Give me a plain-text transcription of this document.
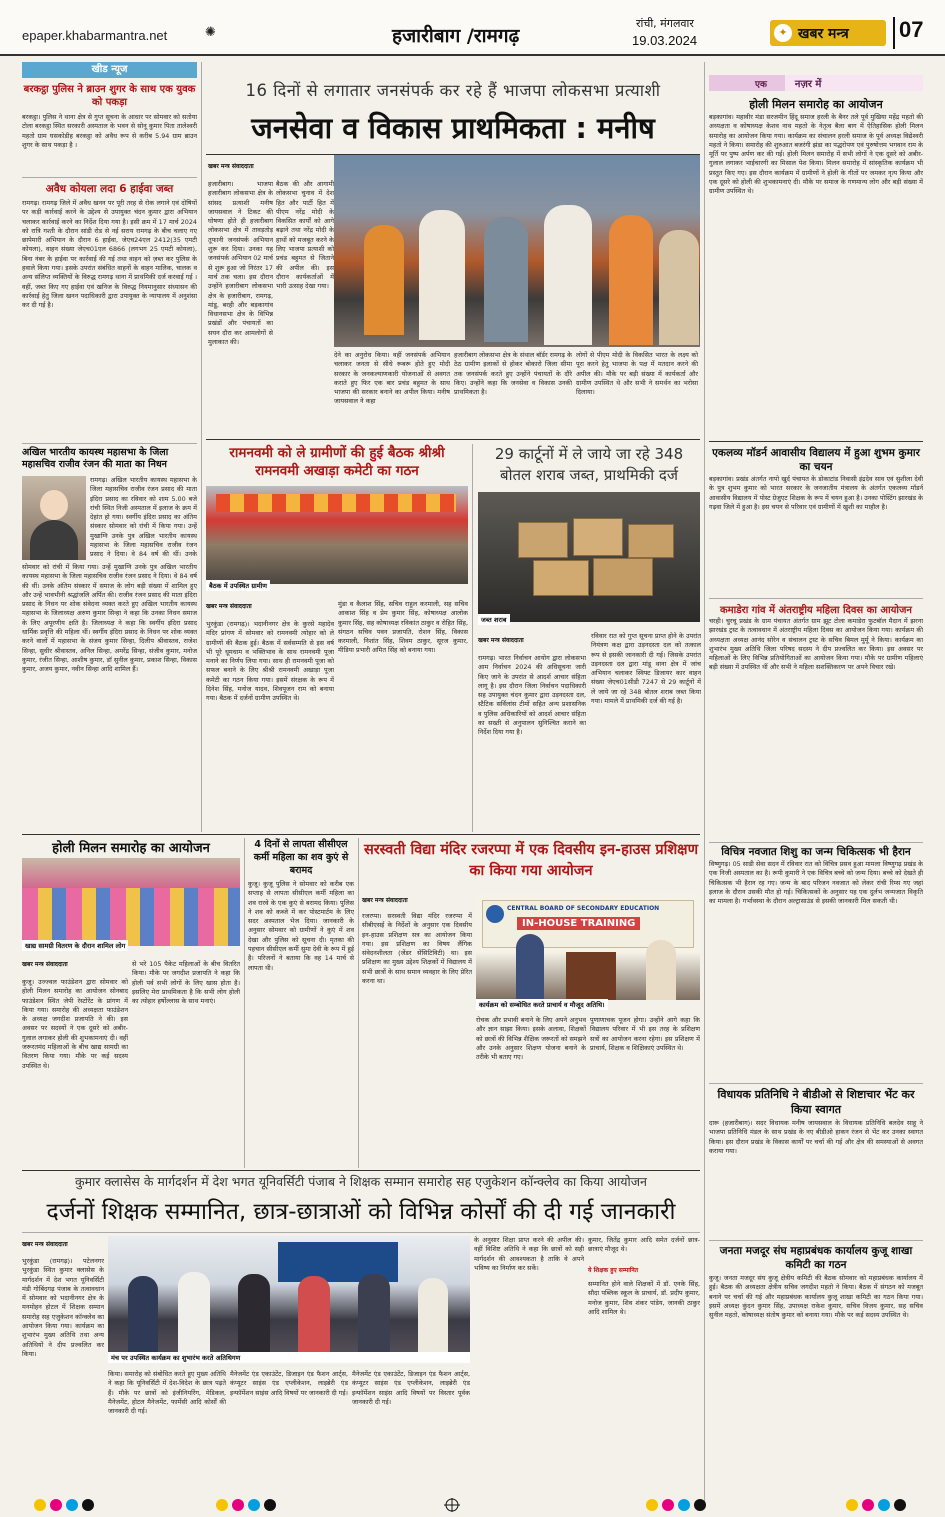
epaper.khabarmantra.net	✺	हजारीबाग /रामगढ़
रांची, मंगलवार
19.03.2024
✦ खबर मन्त्र 07
खीड न्यूज
बरकट्ठा पुलिस ने ब्राउन शुगर के साथ एक युवक को पकड़ा
बरकट्ठा। पुलिस ने थाना क्षेत्र से गुप्त सूचना के आधार पर सोमवार को सतोया टोला बरकट्ठा स्थित सरकारी अस्पताल के भवन से सोनू कुमार पिता तालेश्वरी महतो ग्राम घसकोडीह बरकट्ठा को अवैध रूप से करीब 5.94 ग्राम ब्राउन शुगर के साथ पकड़ा है ।
अवैध कोयला लदा 6 हाईवा जब्त
रामगढ़। रामगढ़ जिले में अवैध खनन पर पूरी तरह से रोक लगाने एवं दोषियों पर कड़ी कार्रवाई करने के उद्देश्य से उपायुक्त चंदन कुमार द्वारा अभियान चलाकर कार्रवाई करने का निर्देश दिया गया है। इसी क्रम में 17 मार्च 2024 को रात्रि गश्ती के दौरान सांडी रोड से नई सराय रामगढ़ के बीच चलाए गए छापेमारी अभियान के दौरान 6 हाईवा, जेएच24एल 2412(35 एमटी कोयला), वाहन संख्या जेएच01एल 6866 (लगभग 25 एमटी कोयला), बिना नंबर के हाईवा पर कार्रवाई की गई तथा वाहन को ज़ब्त कर पुलिस के हवाले किया गया। इसके उपरांत संबंधित वाहनों के वाहन मालिक, चालक व अन्य संलिप्त व्यक्तियों के विरुद्ध रामगढ़ थाना में प्राथमिकी दर्ज करवाई गई । वहीं, जब्त किए गए हाईवा एवं खनिज के विरुद्ध नियमानुसार संध्यासन की कार्रवाई हेतु जिला खनन पदाधिकारी द्वारा उपायुक्त के न्यायालय में अनुशंसा कर दी गई है।
अखिल भारतीय कायस्थ महासभा के जिला महासचिव राजीव रंजन की माता का निधन
रामगढ़। अखिल भारतीय कायस्थ महासभा के जिला महासचिव राजीव रंजन प्रसाद की माता इंदिरा प्रसाद का रविवार को शाम 5.00 बजे रांची स्थित निजी अस्पताल में इलाज के क्रम में देहांत हो गया। स्वर्गीय इंदिरा प्रसाद का अंतिम संस्कार सोमवार को रांची में किया गया। उन्हें मुखाग्नि उनके पुत्र अखिल भारतीय कायस्थ महासभा के जिला महासचिव राजीव रंजन प्रसाद ने दिया। वे 84 वर्ष की थीं। उनके
सोमवार को रांची में किया गया। उन्हें मुखाग्नि उनके पुत्र अखिल भारतीय कायस्थ महासभा के जिला महासचिव राजीव रंजन प्रसाद ने दिया। वे 84 वर्ष की थीं। उनके अंतिम संस्कार में समाज के लोग बड़ी संख्या में शामिल हुए और उन्हें भावभीनी श्रद्धांजलि अर्पित की। राजीव रंजन प्रसाद की माता इंदिरा प्रसाद के निधन पर शोक संवेदना व्यक्त करते हुए अखिल भारतीय कायस्थ महासभा के जिलाध्यक्ष अरुण कुमार सिन्हा ने कहा कि उनका निधन समाज के लिए अपूरणीय क्षति है। जिलाध्यक्ष ने कहा कि स्वर्गीय इंदिरा प्रसाद धार्मिक प्रवृत्ति की महिला थीं। स्वर्गीय इंदिरा प्रसाद के निधन पर शोक व्यक्त करने वालों में महासभा के संजय कुमार सिन्हा, दिलीप श्रीवास्तव, राजेश सिन्हा, सुधीर श्रीवास्तव, अनिल सिन्हा, अमरेंद्र सिन्हा, संजीव कुमार, मनोज कुमार, रंजीत सिन्हा, आशीष कुमार, डॉ सुनील कुमार, प्रकाश सिन्हा, विकास कुमार, अजय कुमार, नवीन सिन्हा आदि शामिल हैं।
16 दिनों से लगातार जनसंपर्क कर रहे हैं भाजपा लोकसभा प्रत्याशी
जनसेवा व विकास प्राथमिकता : मनीष
खबर मन्त्र संवाददाता
हजारीबाग। भाजपा हजारीबाग लोकसभा क्षेत्र के सांसद प्रत्याशी मनीष जायसवाल ने टिकट की घोषणा होते ही हजारीबाग लोकसभा क्षेत्र में तावड़तोड़ तूफानी जनसंपर्क अभियान शुरू कर दिया। उनका यह जनसंपर्क अभियान 02 मार्च से शुरू हुआ जो निरंतर 17 मार्च तक चला। इस दौरान उन्होंने हजारीबाग लोकसभा क्षेत्र के हजारीबाग, रामगढ़, मांडू, बरही और बड़कागांव विधानसभा क्षेत्र के विभिन्न प्रखंडों और पंचायतों का सघन दौरा कर आमलोगों से मुलाकात की।
बैठक की और आगामी लोकसभा चुनाव में देश हित और पार्टी हित में पीएम नरेंद्र मोदी के विकसित कार्यों को आगे बढ़ाने तथा नरेंद्र मोदी के हाथों को मजबूत करने के लिए भाजपा प्रत्याशी को प्रचंड बहुमत से जिताने की अपील की। इस दौरान कार्यकर्ताओं में भारी उत्साह देखा गया।
देने का अनुरोध किया। वहीं जनसंपर्क अभियान चलाकर जनता से सीधे रूबरू होते हुए मोदी सरकार के जनकल्याणकारी योजनाओं से अवगत कराते हुए फिर एक बार प्रचंड बहुमत के साथ भाजपा की सरकार बनाने का अपील किया। मनीष जायसवाल ने कहा
हजारीबाग लोकसभा क्षेत्र के संथाल बॉर्डर रामगढ़ के ठेठ ग्रामीण इलाकों से होकर बोकारो जिला सीमा तक जनसंपर्क करते हुए उन्होंने पंचायतों के दौरे किए। उन्होंने कहा कि जनसेवा व विकास उनकी प्राथमिकता है।
लोगों से पीएम मोदी के विकसित भारत के लक्ष्य को पूरा करने हेतु भाजपा के पक्ष में मतदान करने की अपील की। मौके पर बड़ी संख्या में कार्यकर्ता और ग्रामीण उपस्थित थे और सभी ने समर्थन का भरोसा दिलाया।
रामनवमी को ले ग्रामीणों की हुई बैठक श्रीश्री रामनवमी अखाड़ा कमेटी का गठन
बैठक में उपस्थित ग्रामीण
खबर मन्त्र संवाददाता
भुरकुंडा (रामगढ़)। भदानीनगर क्षेत्र के कुरसे महादेव मंदिर प्रांगण में सोमवार को रामनवमी त्योहार को ले ग्रामीणों की बैठक हुई। बैठक में सर्वसम्मति से इस वर्ष भी पूरे धूमधाम व भक्तिभाव के साथ रामनवमी पूजा मनाने का निर्णय लिया गया। साथ ही रामनवमी पूजा को सफल बनाने के लिए श्रीश्री रामनवमी अखाड़ा पूजा कमेटी का गठन किया गया। इसमें संरक्षक के रूप में दिनेश सिंह, मनोज यादव, शिवपूजन राम को बनाया गया। बैठक में दर्जनों ग्रामीण उपस्थित थे।
मुंडा व कैलाश सिंह, सचिव राहुल करमाली, सह सचिव आकाश सिंह व प्रेम कुमार सिंह, कोषाध्यक्ष आलोक कुमार सिंह, सह कोषाध्यक्ष रविकांत ठाकुर व रोहित सिंह, संगठन सचिव पवन प्रजापति, रोशन सिंह, विकास करमाली, निशांत सिंह, शिवम ठाकुर, सूरज कुमार, मीडिया प्रभारी अमित सिंह को बनाया गया।
29 कार्टूनों में ले जाये जा रहे 348 बोतल शराब जब्त, प्राथमिकी दर्ज
जब्त शराब
खबर मन्त्र संवाददाता
रामगढ़। भारत निर्वाचन आयोग द्वारा लोकसभा आम निर्वाचन 2024 की अधिसूचना जारी किए जाने के उपरांत से आदर्श आचार संहिता लागू है। इस दौरान जिला निर्वाचन पदाधिकारी सह उपायुक्त चंदन कुमार द्वारा उड़नदस्ता दल, स्टैटिक सर्विलांस टीमों सहित अन्य प्रशासनिक व पुलिस अधिकारियों को आदर्श आचार संहिता का सख्ती से अनुपालन सुनिश्चित कराने का निर्देश दिया गया है।
रविवार रात को गुप्त सूचना प्राप्त होने के उपरांत नियंत्रण कक्ष द्वारा उड़नदस्ता दल को तत्काल रूप से इसकी जानकारी दी गई। जिसके उपरांत उड़नदस्ता दल द्वारा मांडू थाना क्षेत्र में जांच अभियान चलाकर स्विफ्ट डिजायर कार वाहन संख्या जेएच01सीडी 7247 से 29 कार्टूनों में ले जाये जा रहे 348 बोतल शराब जब्त किया गया। मामले में प्राथमिकी दर्ज की गई है।
एक	नज़र में
होली मिलन समारोह का आयोजन
बड़कागांव। महावीर मंडा सरजमीन हिंदू समाज हरली के बैनर तले पूर्व मुखिया महेंद्र महतो की अध्यक्षता व कोषाध्यक्ष केशव नाथ महतो के नेतृत्व बैला बाग में ऐतिहासिक होली मिलन समारोह का आयोजन किया गया। कार्यक्रम का संचालन हरली समाज के पूर्व अध्यक्ष विद्येश्वरी महतो ने किया। समारोह की शुरुआत बजरंगी झंडा का पद्धरोपण एवं पुरुषोत्तम भगवान राम के मूर्ति पर पुष्प अर्पण कर की गई। होली मिलन समारोह में सभी लोगों ने एक दूसरे को अबीर-गुलाल लगाकर भाईचारगी का मिसाल पेश किया। मिलन समारोह में सांस्कृतिक कार्यक्रम भी प्रस्तुत किए गए। इस दौरान कार्यक्रम में ग्रामीणों ने होली के गीतों पर जमकर नृत्य किया और एक दूसरे को होली की शुभकामनाएं दी। मौके पर समाज के गणमान्य लोग और बड़ी संख्या में ग्रामीण उपस्थित थे।
एकलव्य मॉडर्न आवासीय विद्यालय में हुआ शुभम कुमार का चयन
बड़कागांव। प्रखंड अंतर्गत नापो खुर्द पंचायत के डोकाटांड निवासी इंद्रदेव साव एवं सुशीला देवी के पुत्र शुभम कुमार को भारत सरकार के जनजातीय मंत्रालय के अंतर्गत एकलव्य मॉडर्न आवासीय विद्यालय में पोस्ट ग्रेजुएट शिक्षक के रूप में चयन हुआ है। उनका पोस्टिंग झारखंड के गढ़वा जिले में हुआ है। इस चयन से परिवार एवं ग्रामीणों में खुशी का माहौल है।
कमाडेरा गांव में अंतराष्ट्रीय महिला दिवस का आयोजन
चरही। चुरचू प्रखंड के ग्राम पंचायत अंतर्गत ग्राम झूट टोला कमाडेरा फुटबॉल मैदान में झरना झारखंड ट्रस्ट के तत्वावधान में अंतराष्ट्रीय महिला दिवस का आयोजन किया गया। कार्यक्रम की अध्यक्षता अध्यक्ष आनंद सोरेन व संचालन ट्रस्ट के सचिव बिमल मुर्मू ने किया। कार्यक्रम का शुभारंभ मुख्य अतिथि जिला परिषद सदस्य ने दीप प्रज्वलित कर किया। इस अवसर पर महिलाओं के लिए विभिन्न प्रतियोगिताओं का आयोजन किया गया। मौके पर ग्रामीण महिलाएं बड़ी संख्या में उपस्थित थीं और सभी ने महिला सशक्तिकरण पर अपने विचार रखे।
विचित्र नवजात शिशु का जन्म चिकित्सक भी हैरान
विष्णुगढ़। 05 साडी सेवा सदन में रविवार रात को विचित्र प्रसव हुआ मामला विष्णुगढ़ प्रखंड के एक निजी अस्पताल का है। रूपी कुमारी ने एक विचित्र बच्चे को जन्म दिया। बच्चे को देखते ही चिकित्सक भी हैरान रह गए। जन्म के बाद परिजन नवजात को लेकर रांची रिम्स गए जहां इलाज के दौरान उसकी मौत हो गई। चिकित्सकों के अनुसार यह एक दुर्लभ जन्मजात विकृति का मामला है। गर्भावस्था के दौरान अल्ट्रासाउंड से इसकी जानकारी मिल सकती थी।
विधायक प्रतिनिधि ने बीडीओ से शिष्टाचार भेंट कर किया स्वागत
दारू (हजारीबाग)। सदर विधायक मनीष जायसवाल के विधायक प्रतिनिधि बलदेव साहू ने भाजपा प्रतिनिधि मंडल के साथ प्रखंड के नए बीडीओ हाकन रंजन से भेंट कर उनका स्वागत किया। इस दौरान प्रखंड के विकास कार्यों पर चर्चा की गई और क्षेत्र की समस्याओं से अवगत कराया गया।
जनता मजदूर संघ महाप्रबंधक कार्यालय कुजू शाखा कमिटी का गठन
कुजू। जनता मजदूर संघ कुजू क्षेत्रीय कमिटी की बैठक सोमवार को महाप्रबंधक कार्यालय में हुई। बैठक की अध्यक्षता क्षेत्रीय सचिव जगदीश महतो ने किया। बैठक में संगठन को मजबूत बनाने पर चर्चा की गई और महाप्रबंधक कार्यालय कुजू शाखा कमिटी का गठन किया गया। इसमें अध्यक्ष कुंदन कुमार सिंह, उपाध्यक्ष राकेश कुमार, सचिव विजय कुमार, सह सचिव सुनील महतो, कोषाध्यक्ष संतोष कुमार को बनाया गया। मौके पर कई सदस्य उपस्थित थे।
होली मिलन समारोह का आयोजन
खाद्य सामग्री वितरण के दौरान शामिल लोग
खबर मन्त्र संवाददाता
कुजू। उज्ज्वल फाउंडेशन द्वारा सोमवार को होली मिलन समारोह का आयोजन सोनबाद फाउंडेशन स्थित जेपी रेस्टोरेंट के प्रांगण में किया गया। समारोह की अध्यक्षता फाउंडेशन के अध्यक्ष जगदीश प्रजापति ने की। इस अवसर पर सदस्यों ने एक दूसरे को अबीर-गुलाल लगाकर होली की शुभकामनाएं दी। वहीं जरूरतमंद महिलाओं के बीच खाद्य सामग्री का वितरण किया गया। मौके पर कई सदस्य उपस्थित थे।
से भरे 105 पैकेट महिलाओं के बीच वितरित किया। मौके पर जगदीश प्रजापति ने कहा कि होली पर्व सभी लोगों के लिए खास होता है। इसलिए मेरा प्राथमिकता है कि सभी लोग होली का त्योहार हर्षोल्लास के साथ मनाएं।
4 दिनों से लापता सीसीएल कर्मी महिला का शव कुएं से बरामद
कुजू। कुजू पुलिस ने सोमवार को करीब एक सप्ताह से लापता सीसीएल कर्मी महिला का शव रारवे के एक कुएं से बरामद किया। पुलिस ने शव को कब्जे में कर पोस्टमार्टम के लिए सदर अस्पताल भेज दिया। जानकारी के अनुसार सोमवार को ग्रामीणों ने कुएं में शव देखा और पुलिस को सूचना दी। मृतका की पहचान सीसीएल कर्मी सुमा देवी के रूप में हुई है। परिजनों ने बताया कि वह 14 मार्च से लापता थी।
सरस्वती विद्या मंदिर रजरप्पा में एक दिवसीय इन-हाउस प्रशिक्षण का किया गया आयोजन
खबर मन्त्र संवाददाता
रजरप्पा। सरस्वती विद्या मंदिर रजरप्पा में सीबीएसई के निर्देशों के अनुसार एक दिवसीय इन-हाउस प्रशिक्षण सत्र का आयोजन किया गया। इस प्रशिक्षण का विषय लैंगिक संवेदनशीलता (जेंडर सेंसिटिविटी) था। इस प्रशिक्षण का मुख्य उद्देश्य शिक्षकों में विद्यालय में सभी छात्रों के साथ समान व्यवहार के लिए प्रेरित करना था।
CENTRAL BOARD OF SECONDARY EDUCATION
IN-HOUSE TRAINING
कार्यक्रम को सम्बोधित करते प्राचार्य व मौजूद अतिथि।
रोचक और प्रभावी बनाने के लिए अपने अनुभव और ज्ञान साझा किया। इसके अलावा, शिक्षकों को छात्रों की विभिन्न शैक्षिक जरूरतों को समझने और उनके अनुसार शिक्षण योजना बनाने के तरीके भी बताए गए।
पुणाणाचक पूजन होगा। उन्होंने आगे कहा कि विद्यालय परिवार में भी इस तरह के प्रशिक्षण सत्रों का आयोजन करना रहेगा। इस प्रशिक्षण में प्राचार्य, शिक्षक व शिक्षिकाएं उपस्थित थे।
कुमार क्लासेस के मार्गदर्शन में देश भगत यूनिवर्सिटी पंजाब ने शिक्षक सम्मान समारोह सह एजुकेशन कॉन्क्लेव का किया आयोजन
दर्जनों शिक्षक सम्मानित, छात्र-छात्राओं को विभिन्न कोर्सों की दी गई जानकारी
खबर मन्त्र संवाददाता
भुरकुंडा (रामगढ़)। पटेलनगर भुरकुंडा स्थित कुमार क्लासेस के मार्गदर्शन में देश भगत यूनिवर्सिटी मंडी गोबिंदगढ़ पंजाब के तत्वावधान में सोमवार को भदानीनगर क्षेत्र के मनमोहन होटल में शिक्षक सम्मान समारोह सह एजुकेशन कॉन्क्लेव का आयोजन किया गया। कार्यक्रम का शुभारंभ मुख्य अतिथि तथा अन्य अतिथियों ने दीप प्रज्वलित कर किया।
मंच पर उपस्थित कार्यक्रम का शुभारंभ करते अतिथिगण
किया। समारोह को संबोधित करते हुए मुख्य अतिथि ने कहा कि यूनिवर्सिटी में देश-विदेश के छात्र पढ़ते हैं। मौके पर छात्रों को इंजीनियरिंग, मेडिकल, मैनेजमेंट, होटल मैनेजमेंट, फार्मेसी आदि कोर्सों की जानकारी दी गई।
मैनेजमेंट एंड एकाउंटेंट, डिजाइन एंड फैशन आर्ट्स, कंप्यूटर साइंस एंड एप्लीकेशन, लाइब्रेरी एंड इन्फॉर्मेशन साइंस आदि विषयों पर जानकारी दी गई।
मैनेजमेंट एंड एकाउंटेंट, डिजाइन एंड फैशन आर्ट्स, कंप्यूटर साइंस एंड एप्लीकेशन, लाइब्रेरी एंड इन्फॉर्मेशन साइंस आदि विषयों पर विस्तार पूर्वक जानकारी दी गई।
के अनुसार शिक्षा प्राप्त करने की अपील की। वहीं विशिष्ट अतिथि ने कहा कि छात्रों को सही मार्गदर्शन की आवश्यकता है ताकि वे अपने भविष्य का निर्माण कर सकें।
कुमार, जितेंद्र कुमार आदि समेत दर्जनों छात्र-छात्राएं मौजूद थे।
ये शिक्षक हुए सम्मानित
सम्मानित होने वाले शिक्षकों में डॉ. एनके सिंह, सौदा पब्लिक स्कूल के प्राचार्य, डॉ. प्रदीप कुमार, मनोज कुमार, शिव शंकर पांडेय, जानकी ठाकुर आदि शामिल थे।
